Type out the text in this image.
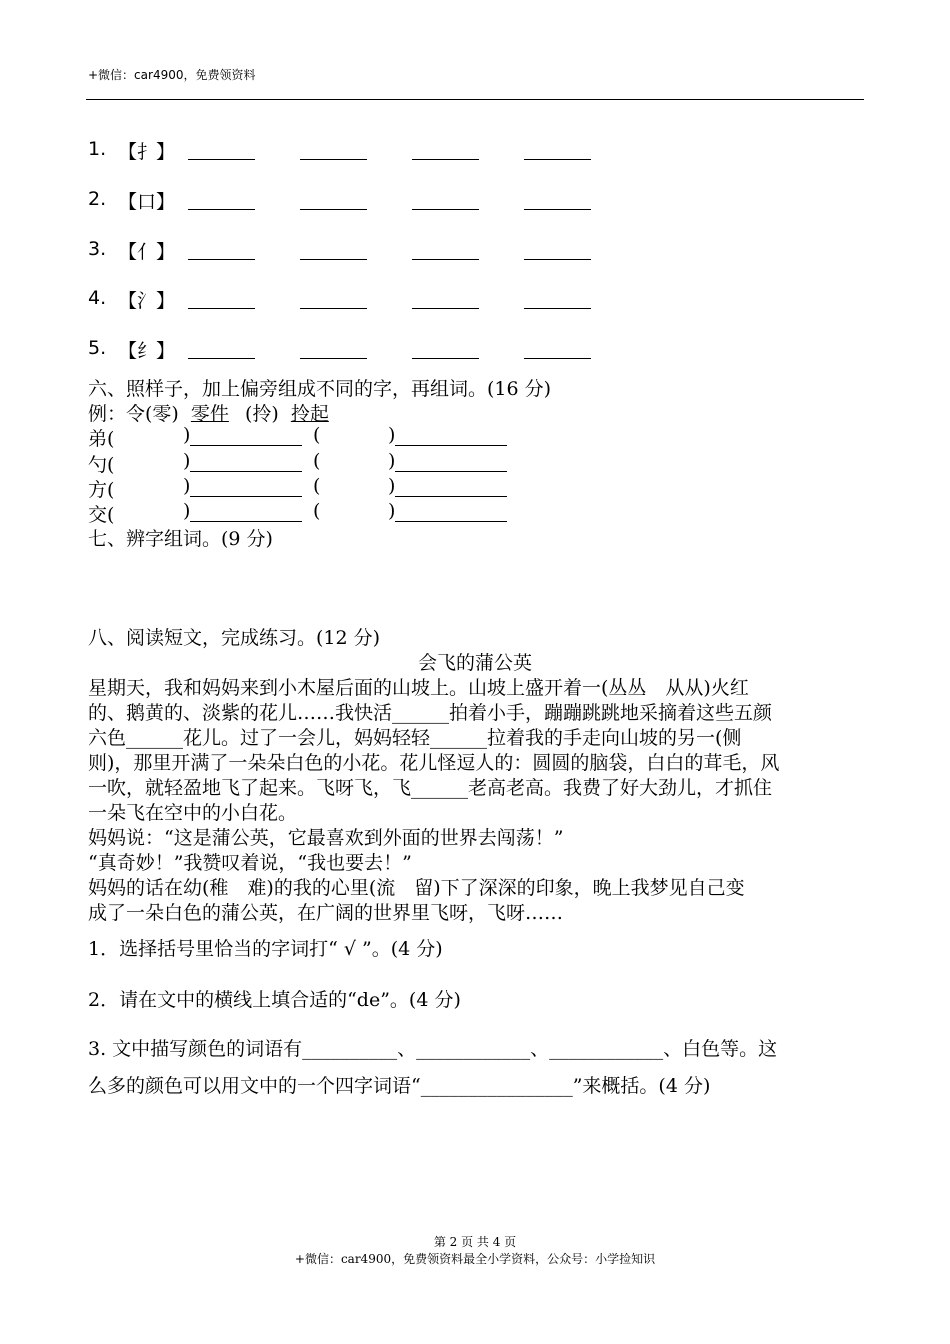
+微信：car4900，免费领资料
1. 【扌】
2. 【口】
3. 【亻】
4. 【氵】
5. 【纟】
六、照样子，加上偏旁组成不同的字，再组词。(16 分)
例：令(零) 零件 (拎) 拎起
弟(	)	(	)
勺(	)	(	)
方(	)	(	)
交(	)	(	)
七、辨字组词。(9 分)
八、阅读短文，完成练习。(12 分)
会飞的蒲公英
星期天，我和妈妈来到小木屋后面的山坡上。山坡上盛开着一(丛丛　从从)火红
的、鹅黄的、淡紫的花儿……我快活______拍着小手，蹦蹦跳跳地采摘着这些五颜
六色______花儿。过了一会儿，妈妈轻轻______拉着我的手走向山坡的另一(侧
则)，那里开满了一朵朵白色的小花。花儿怪逗人的：圆圆的脑袋，白白的茸毛，风
一吹，就轻盈地飞了起来。飞呀飞，飞______老高老高。我费了好大劲儿，才抓住
一朵飞在空中的小白花。
妈妈说：“这是蒲公英，它最喜欢到外面的世界去闯荡！”
“真奇妙！”我赞叹着说，“我也要去！”
妈妈的话在幼(稚　难)的我的心里(流　留)下了深深的印象，晚上我梦见自己变
成了一朵白色的蒲公英，在广阔的世界里飞呀，飞呀……
1．选择括号里恰当的字词打“ √ ”。(4 分)
2．请在文中的横线上填合适的“de”。(4 分)
3. 文中描写颜色的词语有__________、____________、____________、白色等。这
么多的颜色可以用文中的一个四字词语“________________”来概括。(4 分)
第 2 页 共 4 页
+微信：car4900，免费领资料最全小学资料，公众号：小学捡知识
